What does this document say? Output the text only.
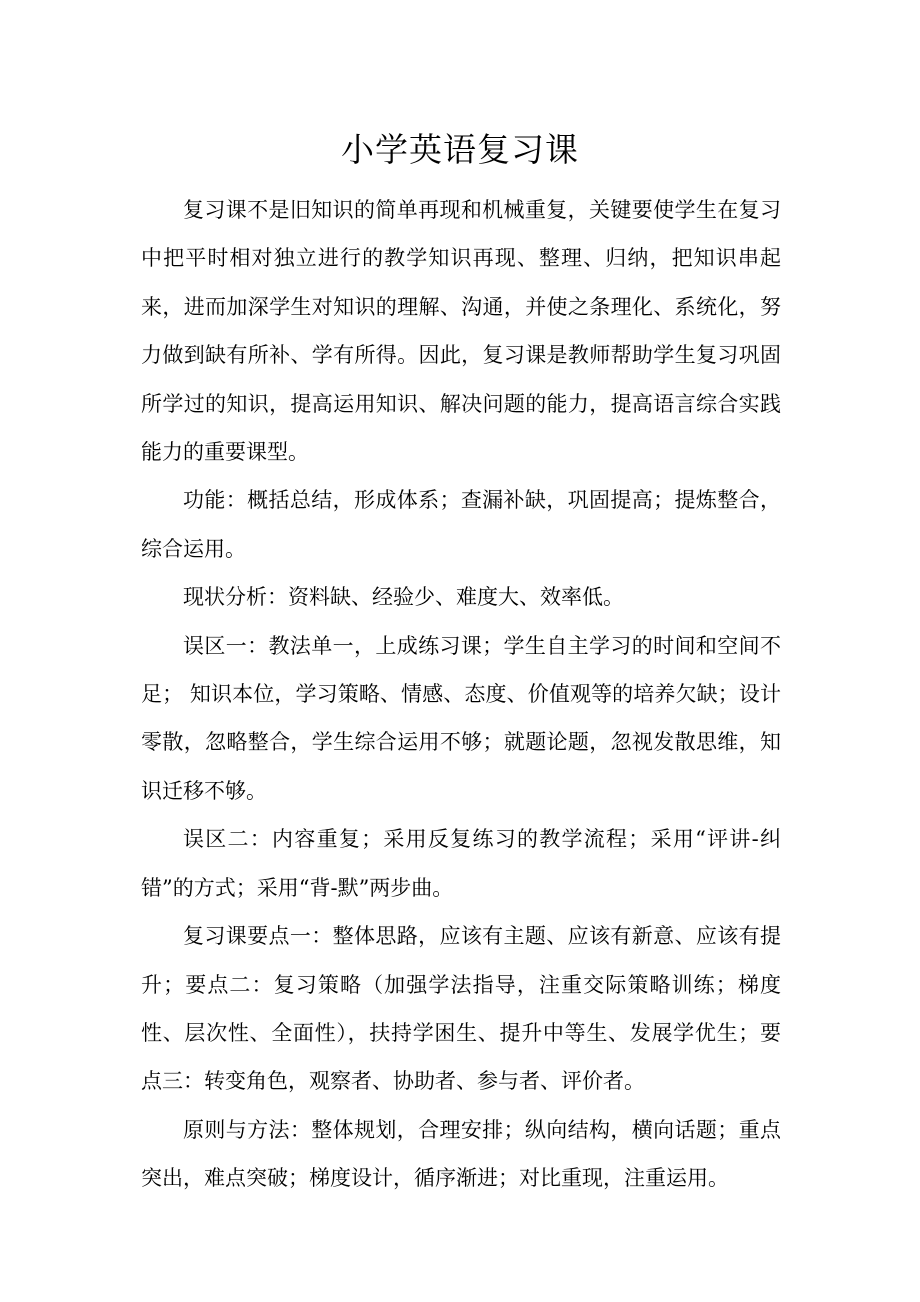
小学英语复习课

复习课不是旧知识的简单再现和机械重复，关键要使学生在复习中把平时相对独立进行的教学知识再现、整理、归纳，把知识串起来，进而加深学生对知识的理解、沟通，并使之条理化、系统化，努力做到缺有所补、学有所得。因此，复习课是教师帮助学生复习巩固所学过的知识，提高运用知识、解决问题的能力，提高语言综合实践能力的重要课型。

功能：概括总结，形成体系；查漏补缺，巩固提高；提炼整合，综合运用。

现状分析：资料缺、经验少、难度大、效率低。

误区一：教法单一，上成练习课；学生自主学习的时间和空间不足； 知识本位，学习策略、情感、态度、价值观等的培养欠缺；设计零散，忽略整合，学生综合运用不够；就题论题，忽视发散思维，知识迁移不够。

误区二：内容重复；采用反复练习的教学流程；采用“评讲-纠错”的方式；采用“背-默”两步曲。

复习课要点一：整体思路，应该有主题、应该有新意、应该有提升；要点二：复习策略（加强学法指导，注重交际策略训练；梯度性、层次性、全面性），扶持学困生、提升中等生、发展学优生；要点三：转变角色，观察者、协助者、参与者、评价者。

原则与方法：整体规划，合理安排；纵向结构，横向话题；重点突出，难点突破；梯度设计，循序渐进；对比重现，注重运用。
